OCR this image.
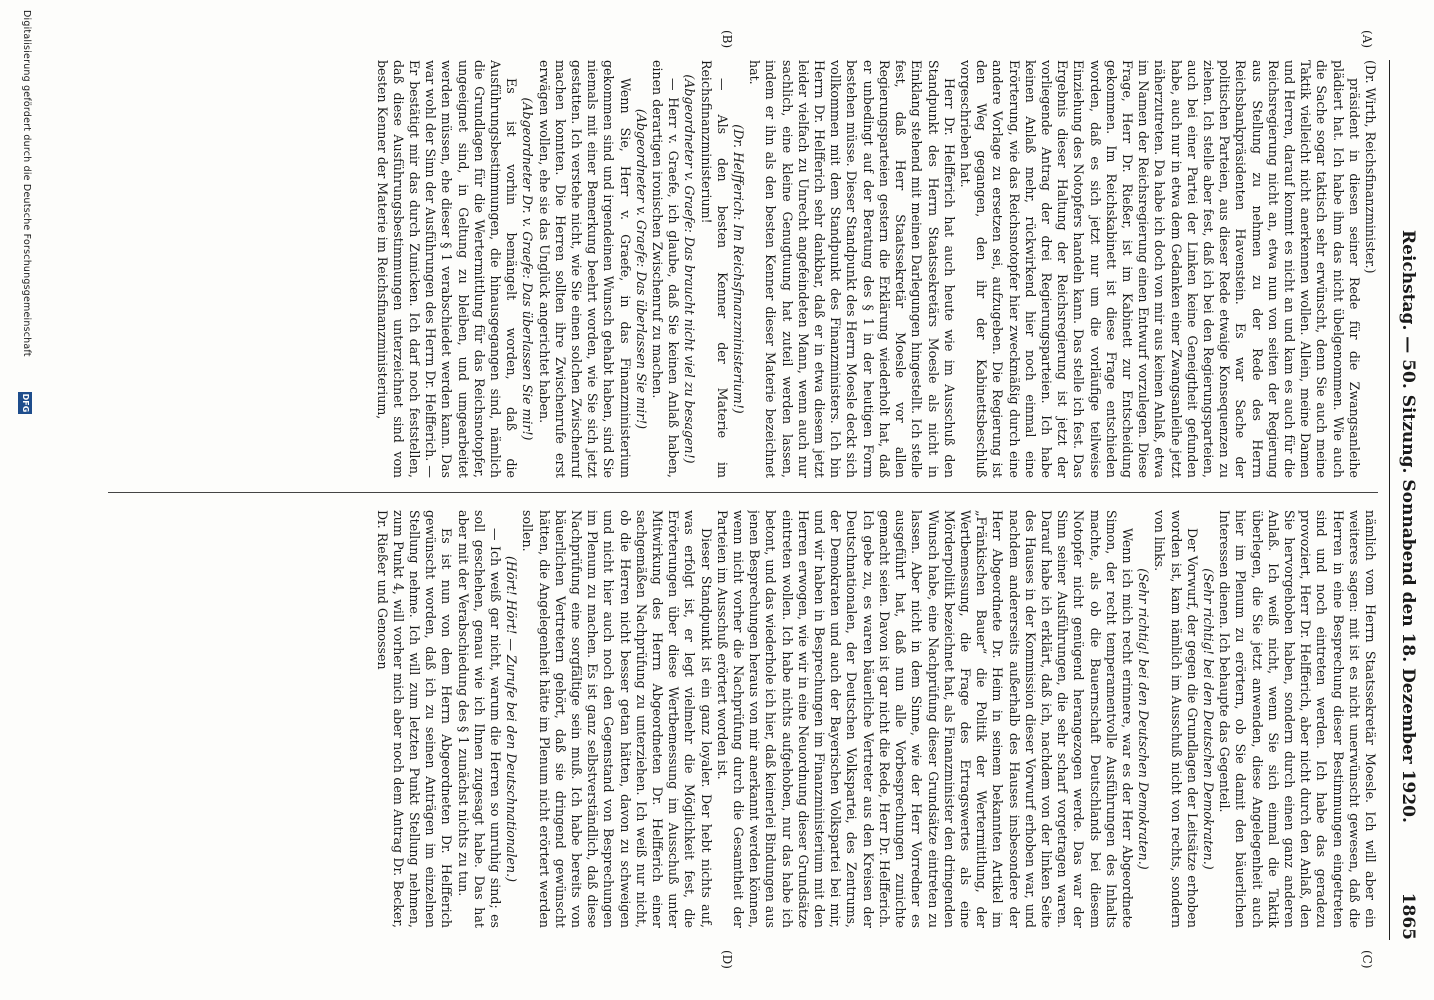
Reichstag. — 50. Sitzung. Sonnabend den 18. Dezember 1920.
1865
(A)
(B)
(C)
(D)

(Dr. Wirth, Reichsfinanzminister.)

präsident in diesen seiner Rede für die Zwangsanleihe plädiert hat. Ich habe ihm das nicht übelgenommen. Wie auch die Sache sogar taktisch sehr erwünscht, denn Sie auch meine Taktik vielleicht nicht anerkennen wollen. Allein, meine Damen und Herren, darauf kommt es nicht an und kam es auch für die Reichsregierung nicht an, etwa nun von seiten der Regierung aus Stellung zu nehmen zu der Rede des Herrn Reichsbankpräsidenten Havenstein. Es war Sache der politischen Parteien, aus dieser Rede etwaige Konsequenzen zu ziehen. Ich stelle aber fest, daß ich bei den Regierungsparteien, auch bei einer Partei der Linken keine Geneigtheit gefunden habe, auch nur in etwa dem Gedanken einer Zwangsanleihe jetzt näherzutreten. Da habe ich doch von mir aus keinen Anlaß, etwa im Namen der Reichsregierung einen Entwurf vorzulegen. Diese Frage, Herr Dr. Rießer, ist im Kabinett zur Entscheidung gekommen. Im Reichskabinett ist diese Frage entschieden worden, daß es sich jetzt nur um die vorläufige teilweise Einziehung des Notopfers handeln kann. Das stelle ich fest. Das Ergebnis dieser Haltung der Reichsregierung ist jetzt der vorliegende Antrag der drei Regierungsparteien. Ich habe keinen Anlaß mehr, rückwirkend hier noch einmal eine Erörterung, wie das Reichsnotopfer hier zweckmäßig durch eine andere Vorlage zu ersetzen sei, aufzugeben. Die Regierung ist den Weg gegangen, den ihr der Kabinettsbeschluß vorgeschrieben hat.

Herr Dr. Helfferich hat auch heute wie im Ausschuß den Standpunkt des Herrn Staatssekretärs Moesle als nicht in Einklang stehend mit meinen Darlegungen hingestellt. Ich stelle fest, daß Herr Staatssekretär Moesle vor allen Regierungsparteien gestern die Erklärung wiederholt hat, daß er unbedingt auf der Beratung des § 1 in der heutigen Form bestehen müsse. Dieser Standpunkt des Herrn Moesle deckt sich vollkommen mit dem Standpunkt des Finanzministers. Ich bin Herrn Dr. Helfferich sehr dankbar, daß er in etwa diesem jetzt leider vielfach zu Unrecht angefeindeten Mann, wenn auch nur sachlich, eine kleine Genugtuung hat zuteil werden lassen, indem er ihn als den besten Kenner dieser Materie bezeichnet hat.

(Dr. Helfferich: Im Reichsfinanzministerium!)

— Als den besten Kenner der Materie im Reichsfinanzministerium!

(Abgeordneter v. Graefe: Das braucht nicht viel zu besagen!)

— Herr v. Graefe, ich glaube, daß Sie keinen Anlaß haben, einen derartigen ironischen Zwischenruf zu machen.

(Abgeordneter v. Graefe: Das überlassen Sie mir!)

Wenn Sie, Herr v. Graefe, in das Finanzministerium gekommen sind und irgendeinen Wunsch gehabt haben, sind Sie niemals mit einer Bemerkung beehrt worden, wie Sie sich jetzt gestatten. Ich verstehe nicht, wie Sie einen solchen Zwischenruf machen konnten. Die Herren sollten ihre Zwischenrufe erst erwägen wollen, ehe sie das Unglück angerichtet haben.

(Abgeordneter Dr. v. Graefe: Das überlassen Sie mir!)

Es ist vorhin bemängelt worden, daß die Ausführungsbestimmungen, die hinausgegangen sind, nämlich die Grundlagen für die Wertermittlung für das Reichsnotopfer, ungeeignet sind, in Geltung zu bleiben, und umgearbeitet werden müssen, ehe dieser § 1 verabschiedet werden kann. Das war wohl der Sinn der Ausführungen des Herrn Dr. Helfferich. — Er bestätigt mir das durch Zunicken. Ich darf noch feststellen, daß diese Ausführungsbestimmungen unterzeichnet sind vom besten Kenner der Materie im Reichsfinanzministerium,

nämlich vom Herrn Staatssekretär Moesle. Ich will aber ein weiteres sagen: mit ist es nicht unerwünscht gewesen, daß die Herren in eine Besprechung dieser Bestimmungen eingetreten sind und noch eintreten werden. Ich habe das geradezu provoziert, Herr Dr. Helfferich, aber nicht durch den Anlaß, den Sie hervorgehoben haben, sondern durch einen ganz anderen Anlaß. Ich weiß nicht, wenn Sie sich einmal die Taktik überlegen, die Sie jetzt anwenden, diese Angelegenheit auch hier im Plenum zu erörtern, ob Sie damit den bäuerlichen Interessen dienen. Ich behaupte das Gegenteil.

(Sehr richtig! bei den Deutschen Demokraten.)

Der Vorwurf, der gegen die Grundlagen der Leitsätze erhoben worden ist, kam nämlich im Ausschuß nicht von rechts, sondern von links.

(Sehr richtig! bei den Deutschen Demokraten.)

Wenn ich mich recht erinnere, war es der Herr Abgeordnete Simon, der recht temperamentvolle Ausführungen des Inhalts machte, als ob die Bauernschaft Deutschlands bei diesem Notopfer nicht genügend herangezogen werde. Das war der Sinn seiner Ausführungen, die sehr scharf vorgetragen waren. Darauf habe ich erklärt, daß ich, nachdem von der linken Seite des Hauses in der Kommission dieser Vorwurf erhoben war, und nachdem andererseits außerhalb des Hauses insbesondere der Herr Abgeordnete Dr. Heim in seinem bekannten Artikel im „Fränkischen Bauer“ die Politik der Wertermittlung, der Wertbemessung, die Frage des Ertragswertes als eine Mörderpolitik bezeichnet hat, als Finanzminister den dringenden Wunsch habe, eine Nachprüfung dieser Grundsätze eintreten zu lassen. Aber nicht in dem Sinne, wie der Herr Vorredner es ausgeführt hat, daß nun alle Vorbesprechungen zunichte gemacht seien. Davon ist gar nicht die Rede, Herr Dr. Helfferich. Ich gebe zu, es waren bäuerliche Vertreter aus den Kreisen der Deutschnationalen, der Deutschen Volkspartei, des Zentrums, der Demokraten und auch der Bayerischen Volkspartei bei mir, und wir haben in Besprechungen im Finanzministerium mit den Herren erwogen, wie wir in eine Neuordnung dieser Grundsätze eintreten wollen. Ich habe nichts aufgehoben, nur das habe ich betont, und das wiederhole ich hier, daß keinerlei Bindungen aus jenen Besprechungen heraus von mir anerkannt werden können, wenn nicht vorher die Nachprüfung durch die Gesamtheit der Parteien im Ausschuß erörtert worden ist.

Dieser Standpunkt ist ein ganz loyaler. Der hebt nichts auf, was erfolgt ist, er legt vielmehr die Möglichkeit fest, die Erörterungen über diese Wertbemessung im Ausschuß unter Mitwirkung des Herrn Abgeordneten Dr. Helfferich einer sachgemäßen Nachprüfung zu unterziehen. Ich weiß nur nicht, ob die Herren nicht besser getan hätten, davon zu schweigen und nicht hier auch noch den Gegenstand von Besprechungen im Plenum zu machen. Es ist ganz selbstverständlich, daß diese Nachprüfung eine sorgfältige sein muß. Ich habe bereits von bäuerlichen Vertretern gehört, daß sie dringend gewünscht hätten, die Angelegenheit hätte im Plenum nicht erörtert werden sollen.

(Hört! Hört! — Zurufe bei den Deutschnationalen.)

— Ich weiß gar nicht, warum die Herren so unruhig sind; es soll geschehen, genau wie ich Ihnen zugesagt habe. Das hat aber mit der Verabschiedung des § 1 zunächst nichts zu tun.

Es ist nun von dem Herrn Abgeordneten Dr. Helfferich gewünscht worden, daß ich zu seinen Anträgen im einzelnen Stellung nehme. Ich will zum letzten Punkt Stellung nehmen, zum Punkt 4, will vorher mich aber noch dem Antrag Dr. Becker, Dr. Rießer und Genossen

Digitalisierung gefördert durch die Deutsche Forschungsgemeinschaft
DFG
